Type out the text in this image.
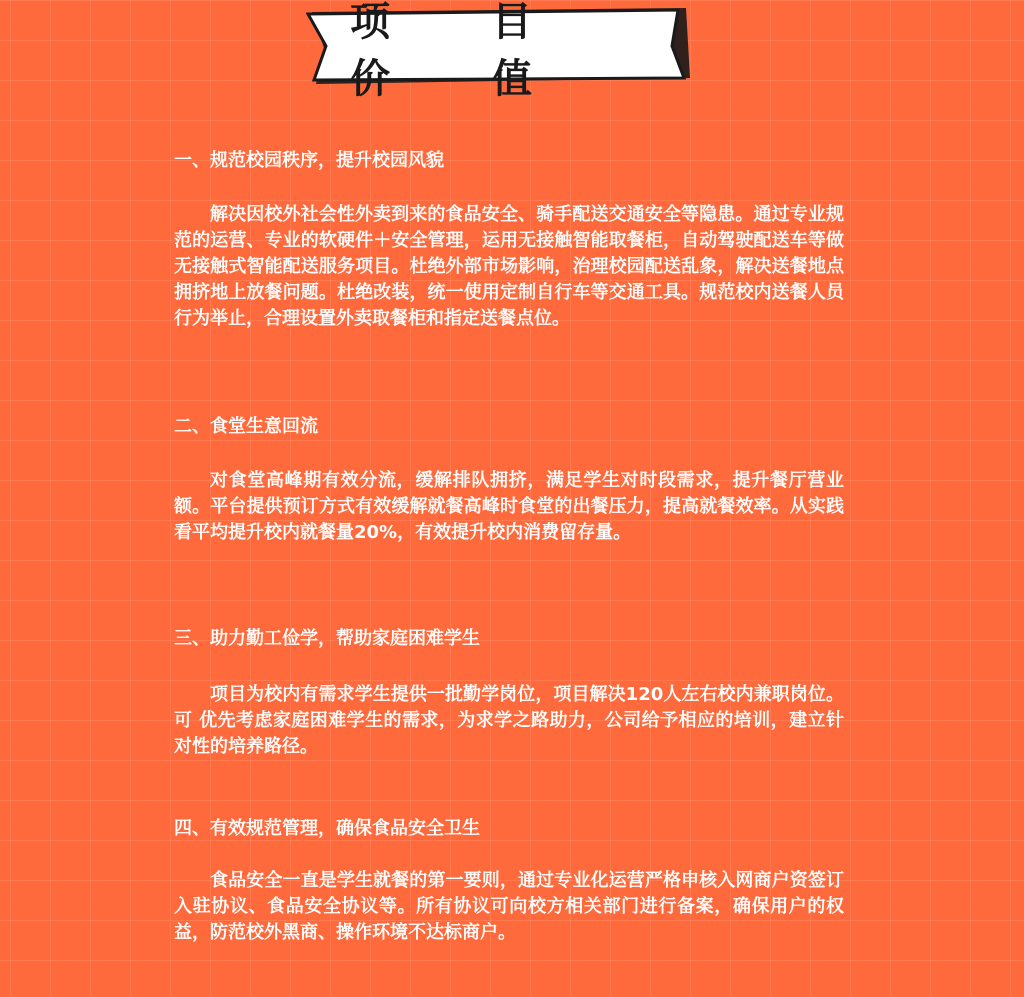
项 目 价 值
一、规范校园秩序，提升校园风貌

解决因校外社会性外卖到来的食品安全、骑手配送交通安全等隐患。通过专业规范的运营、专业的软硬件＋安全管理，运用无接触智能取餐柜，自动驾驶配送车等做无接触式智能配送服务项目。杜绝外部市场影响，治理校园配送乱象，解决送餐地点拥挤地上放餐问题。杜绝改装，统一使用定制自行车等交通工具。规范校内送餐人员行为举止，合理设置外卖取餐柜和指定送餐点位。

二、食堂生意回流

对食堂高峰期有效分流，缓解排队拥挤，满足学生对时段需求，提升餐厅营业额。平台提供预订方式有效缓解就餐高峰时食堂的出餐压力，提高就餐效率。从实践看平均提升校内就餐量20%，有效提升校内消费留存量。

三、助力勤工俭学，帮助家庭困难学生

项目为校内有需求学生提供一批勤学岗位，项目解决120人左右校内兼职岗位。可 优先考虑家庭困难学生的需求，为求学之路助力，公司给予相应的培训，建立针对性的培养路径。

四、有效规范管理，确保食品安全卫生

食品安全一直是学生就餐的第一要则，通过专业化运营严格申核入网商户资签订入驻协议、食品安全协议等。所有协议可向校方相关部门进行备案，确保用户的权益，防范校外黑商、操作环境不达标商户。
